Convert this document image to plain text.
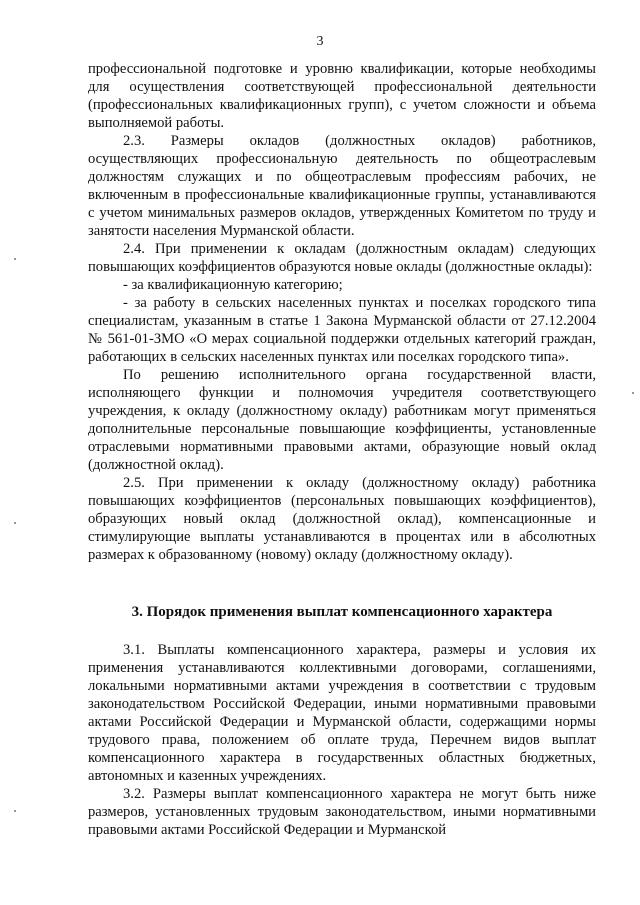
3

профессиональной подготовке и уровню квалификации, которые необходимы для осуществления соответствующей профессиональной деятельности (профессиональных квалификационных групп), с учетом сложности и объема выполняемой работы.

2.3. Размеры окладов (должностных окладов) работников, осуществляющих профессиональную деятельность по общеотраслевым должностям служащих и по общеотраслевым профессиям рабочих, не включенным в профессиональные квалификационные группы, устанавливаются с учетом минимальных размеров окладов, утвержденных Комитетом по труду и занятости населения Мурманской области.

2.4. При применении к окладам (должностным окладам) следующих повышающих коэффициентов образуются новые оклады (должностные оклады):

- за квалификационную категорию;

- за работу в сельских населенных пунктах и поселках городского типа специалистам, указанным в статье 1 Закона Мурманской области от 27.12.2004 № 561-01-ЗМО «О мерах социальной поддержки отдельных категорий граждан, работающих в сельских населенных пунктах или поселках городского типа».

По решению исполнительного органа государственной власти, исполняющего функции и полномочия учредителя соответствующего учреждения, к окладу (должностному окладу) работникам могут применяться дополнительные персональные повышающие коэффициенты, установленные отраслевыми нормативными правовыми актами, образующие новый оклад (должностной оклад).

2.5. При применении к окладу (должностному окладу) работника повышающих коэффициентов (персональных повышающих коэффициентов), образующих новый оклад (должностной оклад), компенсационные и стимулирующие выплаты устанавливаются в процентах или в абсолютных размерах к образованному (новому) окладу (должностному окладу).

3. Порядок применения выплат компенсационного характера

3.1. Выплаты компенсационного характера, размеры и условия их применения устанавливаются коллективными договорами, соглашениями, локальными нормативными актами учреждения в соответствии с трудовым законодательством Российской Федерации, иными нормативными правовыми актами Российской Федерации и Мурманской области, содержащими нормы трудового права, положением об оплате труда, Перечнем видов выплат компенсационного характера в государственных областных бюджетных, автономных и казенных учреждениях.

3.2. Размеры выплат компенсационного характера не могут быть ниже размеров, установленных трудовым законодательством, иными нормативными правовыми актами Российской Федерации и Мурманской
